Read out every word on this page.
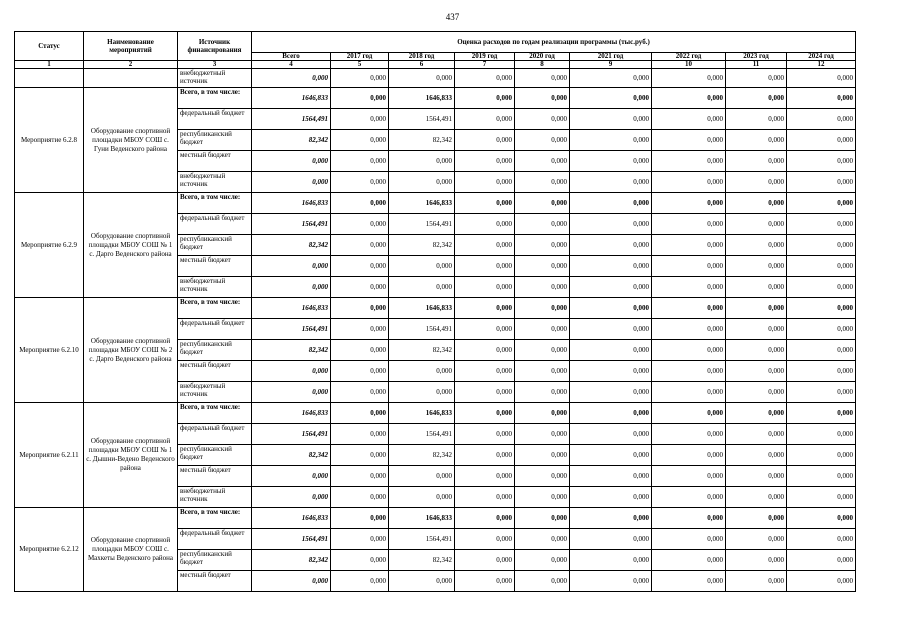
437
Статус	Наименование мероприятий	Источник финансирования	Оценка расходов по годам реализации программы (тыс.руб.)								
			Всего	2017 год	2018 год	2019 год	2020 год	2021 год	2022 год	2023 год	2024 год
1	2	3	4	5	6	7	8	9	10	11	12
		внебюджетный источник	0,000	0,000	0,000	0,000	0,000	0,000	0,000	0,000	0,000
Мероприятие 6.2.8	Оборудование спортивной площадки МБОУ СОШ с. Гуни Веденского района	Всего, в том числе:	1646,833	0,000	1646,833	0,000	0,000	0,000	0,000	0,000	0,000
		федеральный бюджет	1564,491	0,000	1564,491	0,000	0,000	0,000	0,000	0,000	0,000
		республиканский бюджет	82,342	0,000	82,342	0,000	0,000	0,000	0,000	0,000	0,000
		местный бюджет	0,000	0,000	0,000	0,000	0,000	0,000	0,000	0,000	0,000
		внебюджетный источник	0,000	0,000	0,000	0,000	0,000	0,000	0,000	0,000	0,000
Мероприятие 6.2.9	Оборудование спортивной площадки МБОУ СОШ № 1 с. Дарго Веденского района	Всего, в том числе:	1646,833	0,000	1646,833	0,000	0,000	0,000	0,000	0,000	0,000
		федеральный бюджет	1564,491	0,000	1564,491	0,000	0,000	0,000	0,000	0,000	0,000
		республиканский бюджет	82,342	0,000	82,342	0,000	0,000	0,000	0,000	0,000	0,000
		местный бюджет	0,000	0,000	0,000	0,000	0,000	0,000	0,000	0,000	0,000
		внебюджетный источник	0,000	0,000	0,000	0,000	0,000	0,000	0,000	0,000	0,000
Мероприятие 6.2.10	Оборудование спортивной площадки МБОУ СОШ № 2 с. Дарго Веденского района	Всего, в том числе:	1646,833	0,000	1646,833	0,000	0,000	0,000	0,000	0,000	0,000
		федеральный бюджет	1564,491	0,000	1564,491	0,000	0,000	0,000	0,000	0,000	0,000
		республиканский бюджет	82,342	0,000	82,342	0,000	0,000	0,000	0,000	0,000	0,000
		местный бюджет	0,000	0,000	0,000	0,000	0,000	0,000	0,000	0,000	0,000
		внебюджетный источник	0,000	0,000	0,000	0,000	0,000	0,000	0,000	0,000	0,000
Мероприятие 6.2.11	Оборудование спортивной площадки МБОУ СОШ № 1 с. Дышни-Ведено Веденского района	Всего, в том числе:	1646,833	0,000	1646,833	0,000	0,000	0,000	0,000	0,000	0,000
		федеральный бюджет	1564,491	0,000	1564,491	0,000	0,000	0,000	0,000	0,000	0,000
		республиканский бюджет	82,342	0,000	82,342	0,000	0,000	0,000	0,000	0,000	0,000
		местный бюджет	0,000	0,000	0,000	0,000	0,000	0,000	0,000	0,000	0,000
		внебюджетный источник	0,000	0,000	0,000	0,000	0,000	0,000	0,000	0,000	0,000
Мероприятие 6.2.12	Оборудование спортивной площадки МБОУ СОШ с. Махкеты Веденского района	Всего, в том числе:	1646,833	0,000	1646,833	0,000	0,000	0,000	0,000	0,000	0,000
		федеральный бюджет	1564,491	0,000	1564,491	0,000	0,000	0,000	0,000	0,000	0,000
		республиканский бюджет	82,342	0,000	82,342	0,000	0,000	0,000	0,000	0,000	0,000
		местный бюджет	0,000	0,000	0,000	0,000	0,000	0,000	0,000	0,000	0,000
